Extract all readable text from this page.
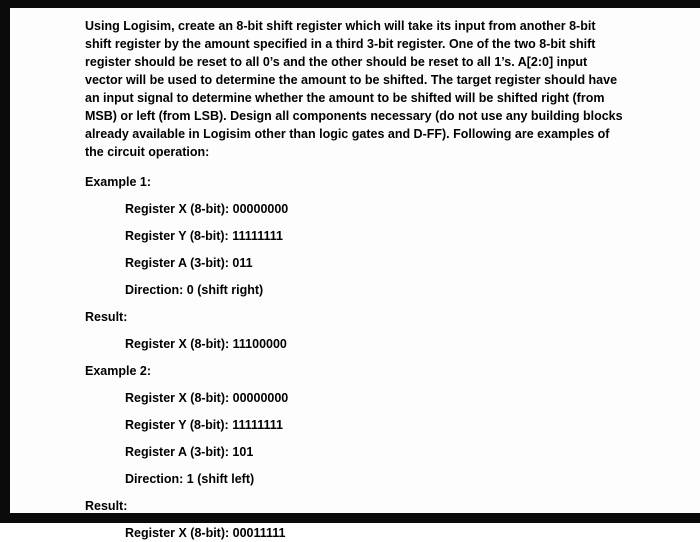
Using Logisim, create an 8-bit shift register which will take its input from another 8-bit shift register by the amount specified in a third 3-bit register. One of the two 8-bit shift register should be reset to all 0’s and the other should be reset to all 1’s. A[2:0] input vector will be used to determine the amount to be shifted. The target register should have an input signal to determine whether the amount to be shifted will be shifted right (from MSB) or left (from LSB). Design all components necessary (do not use any building blocks already available in Logisim other than logic gates and D-FF). Following are examples of the circuit operation:

Example 1:

Register X (8-bit): 00000000

Register Y (8-bit): 11111111

Register A (3-bit): 011

Direction: 0 (shift right)

Result:

Register X (8-bit): 11100000

Example 2:

Register X (8-bit): 00000000

Register Y (8-bit): 11111111

Register A (3-bit): 101

Direction: 1 (shift left)

Result:

Register X (8-bit): 00011111
